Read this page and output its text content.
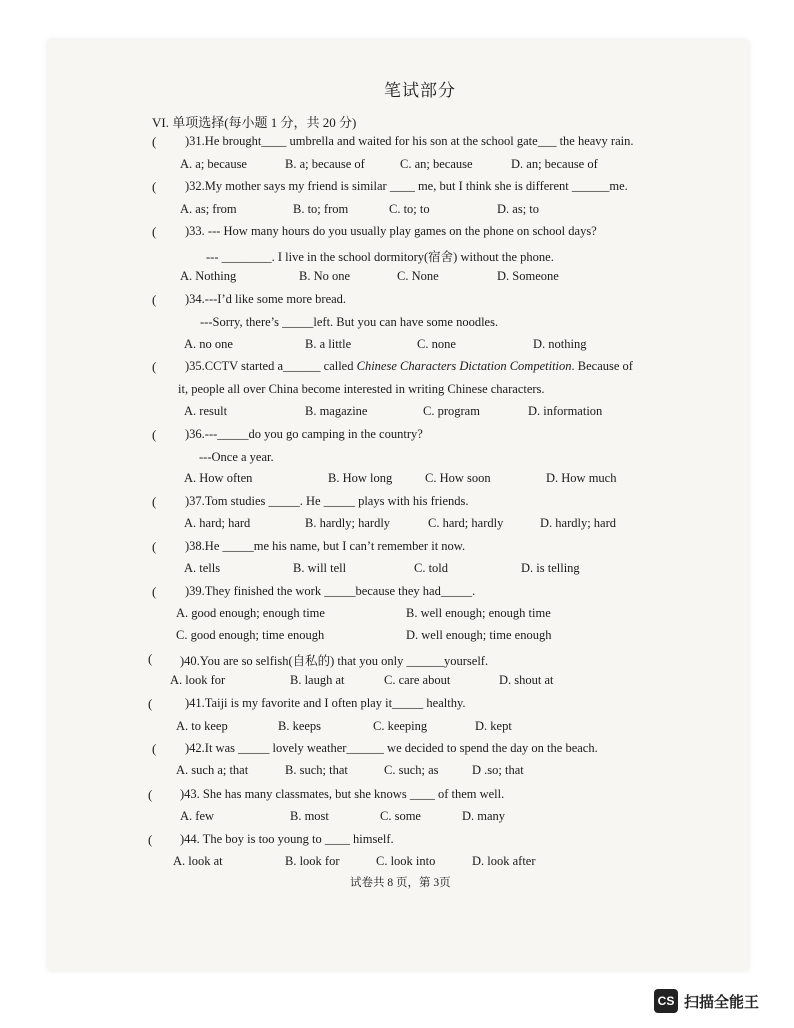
笔试部分
VI. 单项选择(每小题 1 分，共 20 分)
( )31.He brought____ umbrella and waited for his son at the school gate___ the heavy rain.
A. a; because	B. a; because of	C. an; because	D. an; because of
( )32.My mother says my friend is similar ____ me, but I think she is different ______me.
A. as; from	B. to; from	C. to; to	D. as; to
( )33. --- How many hours do you usually play games on the phone on school days?
--- ________. I live in the school dormitory(宿舍) without the phone.
A. Nothing	B. No one	C. None	D. Someone
( )34.---I’d like some more bread.
---Sorry, there’s _____left. But you can have some noodles.
A. no one	B. a little	C. none	D. nothing
( )35.CCTV started a______ called Chinese Characters Dictation Competition. Because of
it, people all over China become interested in writing Chinese characters.
A. result	B. magazine	C. program	D. information
( )36.---_____do you go camping in the country?
---Once a year.
A. How often	B. How long	C. How soon	D. How much
( )37.Tom studies _____. He _____ plays with his friends.
A. hard; hard	B. hardly; hardly	C. hard; hardly	D. hardly; hard
( )38.He _____me his name, but I can’t remember it now.
A. tells	B. will tell	C. told	D. is telling
( )39.They finished the work _____because they had_____.
A. good enough; enough time	B. well enough; enough time
C. good enough; time enough	D. well enough; time enough
( )40.You are so selfish(自私的) that you only ______yourself.
A. look for	B. laugh at	C. care about	D. shout at
(	)41.Taiji is my favorite and I often play it_____ healthy.
A. to keep	B. keeps	C. keeping	D. kept
( )42.It was _____ lovely weather______ we decided to spend the day on the beach.
A. such a; that	B. such; that	C. such; as	D .so; that
( )43. She has many classmates, but she knows ____ of them well.
A. few	B. most	C. some	D. many
( )44. The boy is too young to ____ himself.
A. look at	B. look for	C. look into	D. look after
试卷共 8 页，第 3页
CS 扫描全能王
